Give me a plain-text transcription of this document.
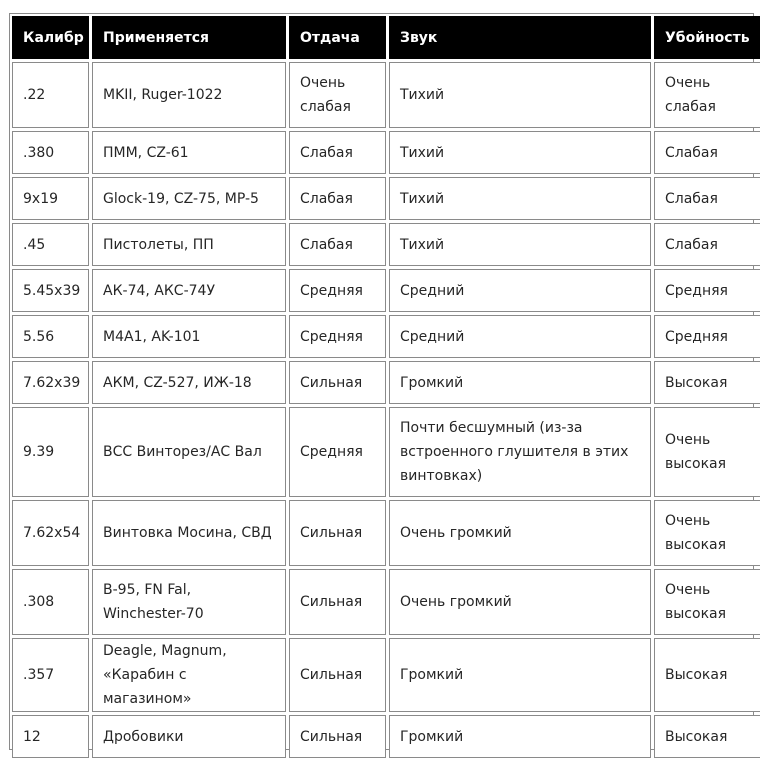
Калибр	Применяется	Отдача	Звук	Убойность
.22	MKII, Ruger-1022	Очень слабая	Тихий	Очень слабая
.380	ПММ, CZ-61	Слабая	Тихий	Слабая
9x19	Glock-19, CZ-75, MP-5	Слабая	Тихий	Слабая
.45	Пистолеты, ПП	Слабая	Тихий	Слабая
5.45x39	АК-74, АКС-74У	Средняя	Средний	Средняя
5.56	M4A1, AK-101	Средняя	Средний	Средняя
7.62x39	АКМ, CZ-527, ИЖ-18	Сильная	Громкий	Высокая
9.39	ВСС Винторез/АС Вал	Средняя	Почти бесшумный (из-за встроенного глушителя в этих винтовках)	Очень высокая
7.62x54	Винтовка Мосина, СВД	Сильная	Очень громкий	Очень высокая
.308	B-95, FN Fal, Winchester-70	Сильная	Очень громкий	Очень высокая
.357	Deagle, Magnum, «Карабин с магазином»	Сильная	Громкий	Высокая
12	Дробовики	Сильная	Громкий	Высокая
